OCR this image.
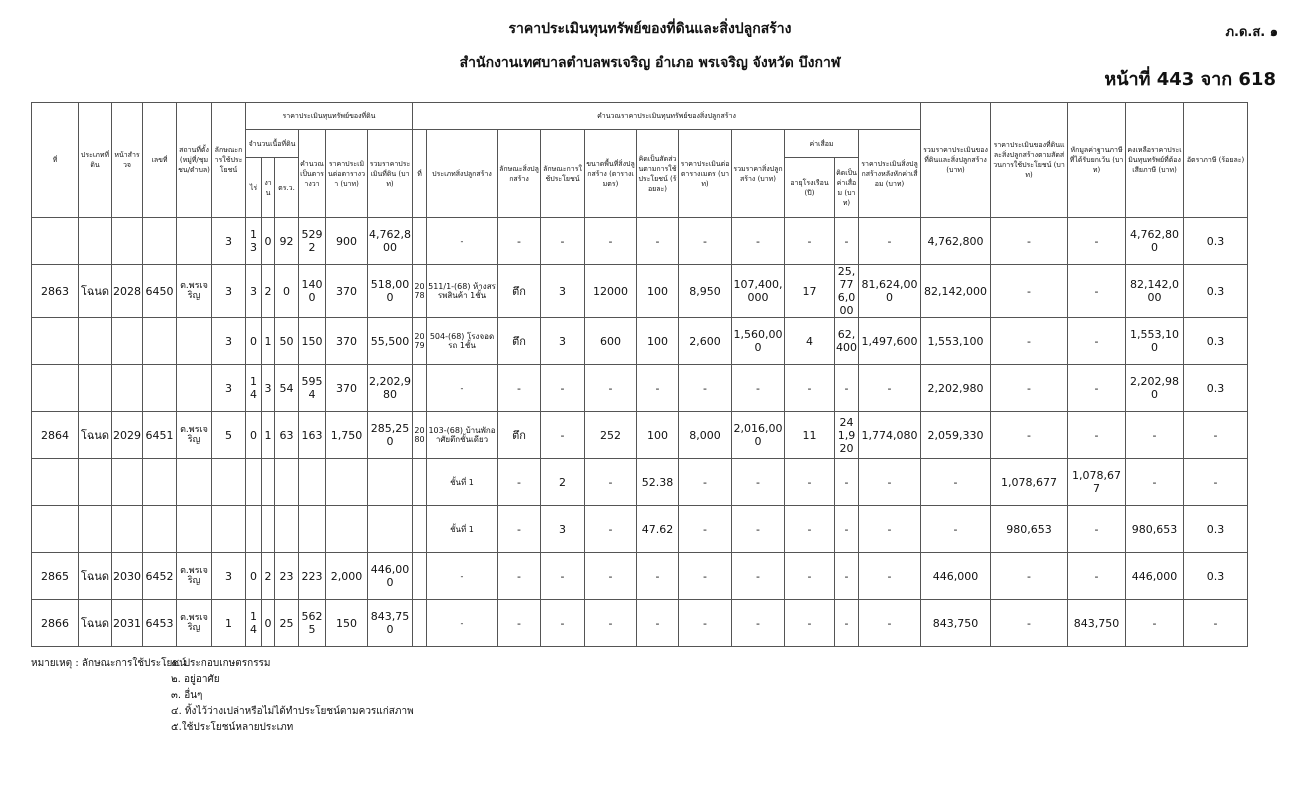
ราคาประเมินทุนทรัพย์ของที่ดินและสิ่งปลูกสร้าง
สำนักงานเทศบาลตำบลพรเจริญ อำเภอ พรเจริญ จังหวัด บึงกาฬ
ภ.ด.ส. ๑
หน้าที่ 443 จาก 618
ที่	ประเภทที่ดิน	หน้าสำรวจ	เลขที่	สถานที่ตั้ง(หมู่ที่/ชุมชน/ตำบล)	ลักษณะการใช้ประโยชน์	ราคาประเมินทุนทรัพย์ของที่ดิน						คำนวณราคาประเมินทุนทรัพย์ของสิ่งปลูกสร้าง											รวมราคาประเมินของที่ดินและสิ่งปลูกสร้าง (บาท)	ราคาประเมินของที่ดินและสิ่งปลูกสร้างตามสัดส่วนการใช้ประโยชน์ (บาท)	หักมูลค่าฐานภาษีที่ได้รับยกเว้น (บาท)	คงเหลือราคาประเมินทุนทรัพย์ที่ต้องเสียภาษี (บาท)	อัตราภาษี (ร้อยละ)
						จำนวนเนื้อที่ดิน			คำนวณเป็นตารางวา	ราคาประเมินต่อตารางวา (บาท)	รวมราคาประเมินที่ดิน (บาท)	ที่	ประเภทสิ่งปลูกสร้าง	ลักษณะสิ่งปลูกสร้าง	ลักษณะการใช้ประโยชน์	ขนาดพื้นที่สิ่งปลูกสร้าง (ตารางเมตร)	คิดเป็นสัดส่วนตามการใช้ประโยชน์ (ร้อยละ)	ราคาประเมินต่อตารางเมตร (บาท)	รวมราคาสิ่งปลูกสร้าง (บาท)	ค่าเสื่อม		ราคาประเมินสิ่งปลูกสร้างหลังหักค่าเสื่อม (บาท)					
						ไร่	งาน	ตร.ว.												อายุโรงเรือน (ปี)	คิดเป็นค่าเสื่อม (บาท)						
					3	13	0	92	5292	900	4,762,800		-	-	-	-	-	-	-	-	-	-	4,762,800	-	-	4,762,800	0.3
2863	โฉนด	2028	6450	ต.พรเจริญ	3	3	2	0	1400	370	518,000	2078	511/1-(68) ห้างสรรพสินค้า 1ชั้น	ตึก	3	12000	100	8,950	107,400,000	17	25,776,000	81,624,000	82,142,000	-	-	82,142,000	0.3
					3	0	1	50	150	370	55,500	2079	504-(68) โรงจอดรถ 1ชั้น	ตึก	3	600	100	2,600	1,560,000	4	62,400	1,497,600	1,553,100	-	-	1,553,100	0.3
					3	14	3	54	5954	370	2,202,980		-	-	-	-	-	-	-	-	-	-	2,202,980	-	-	2,202,980	0.3
2864	โฉนด	2029	6451	ต.พรเจริญ	5	0	1	63	163	1,750	285,250	2080	103-(68) บ้านพักอาศัยตึกชั้นเดียว	ตึก	-	252	100	8,000	2,016,000	11	241,920	1,774,080	2,059,330	-	-	-	-
													ชั้นที่ 1	-	2	-	52.38	-	-	-	-	-	-	1,078,677	1,078,677	-	-
													ชั้นที่ 1	-	3	-	47.62	-	-	-	-	-	-	980,653	-	980,653	0.3
2865	โฉนด	2030	6452	ต.พรเจริญ	3	0	2	23	223	2,000	446,000		-	-	-	-	-	-	-	-	-	-	446,000	-	-	446,000	0.3
2866	โฉนด	2031	6453	ต.พรเจริญ	1	14	0	25	5625	150	843,750		-	-	-	-	-	-	-	-	-	-	843,750	-	843,750	-	-
หมายเหตุ : ลักษณะการใช้ประโยชน์
๑. ประกอบเกษตรกรรม
๒. อยู่อาศัย
๓. อื่นๆ
๔. ทิ้งไว้ว่างเปล่าหรือไม่ได้ทำประโยชน์ตามควรแก่สภาพ
๕.ใช้ประโยชน์หลายประเภท
